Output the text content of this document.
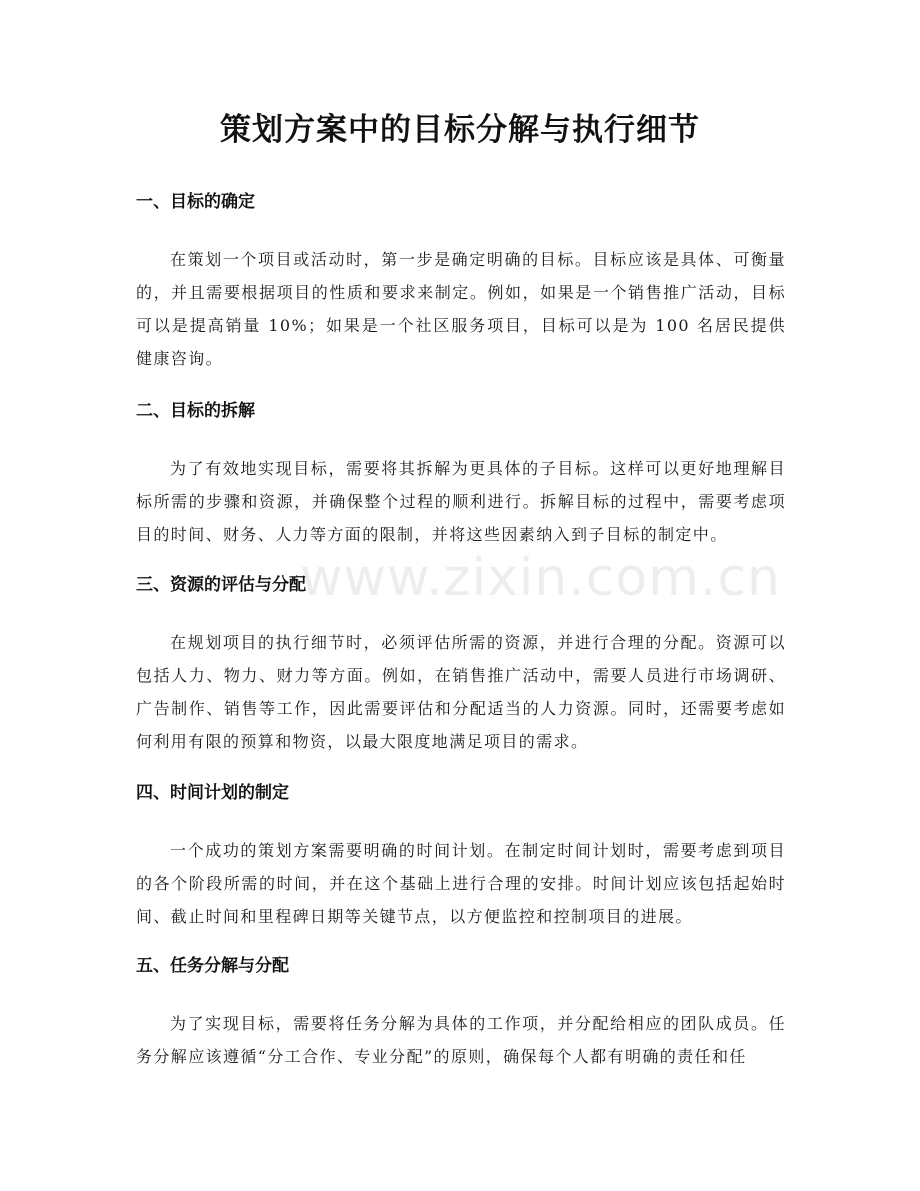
策划方案中的目标分解与执行细节
www.zixin.com.cn
一、目标的确定

在策划一个项目或活动时，第一步是确定明确的目标。目标应该是具体、可衡量的，并且需要根据项目的性质和要求来制定。例如，如果是一个销售推广活动，目标可以是提高销量 10%；如果是一个社区服务项目，目标可以是为 100 名居民提供健康咨询。

二、目标的拆解

为了有效地实现目标，需要将其拆解为更具体的子目标。这样可以更好地理解目标所需的步骤和资源，并确保整个过程的顺利进行。拆解目标的过程中，需要考虑项目的时间、财务、人力等方面的限制，并将这些因素纳入到子目标的制定中。

三、资源的评估与分配

在规划项目的执行细节时，必须评估所需的资源，并进行合理的分配。资源可以包括人力、物力、财力等方面。例如，在销售推广活动中，需要人员进行市场调研、广告制作、销售等工作，因此需要评估和分配适当的人力资源。同时，还需要考虑如何利用有限的预算和物资，以最大限度地满足项目的需求。

四、时间计划的制定

一个成功的策划方案需要明确的时间计划。在制定时间计划时，需要考虑到项目的各个阶段所需的时间，并在这个基础上进行合理的安排。时间计划应该包括起始时间、截止时间和里程碑日期等关键节点，以方便监控和控制项目的进展。

五、任务分解与分配

为了实现目标，需要将任务分解为具体的工作项，并分配给相应的团队成员。任务分解应该遵循“分工合作、专业分配”的原则，确保每个人都有明确的责任和任
